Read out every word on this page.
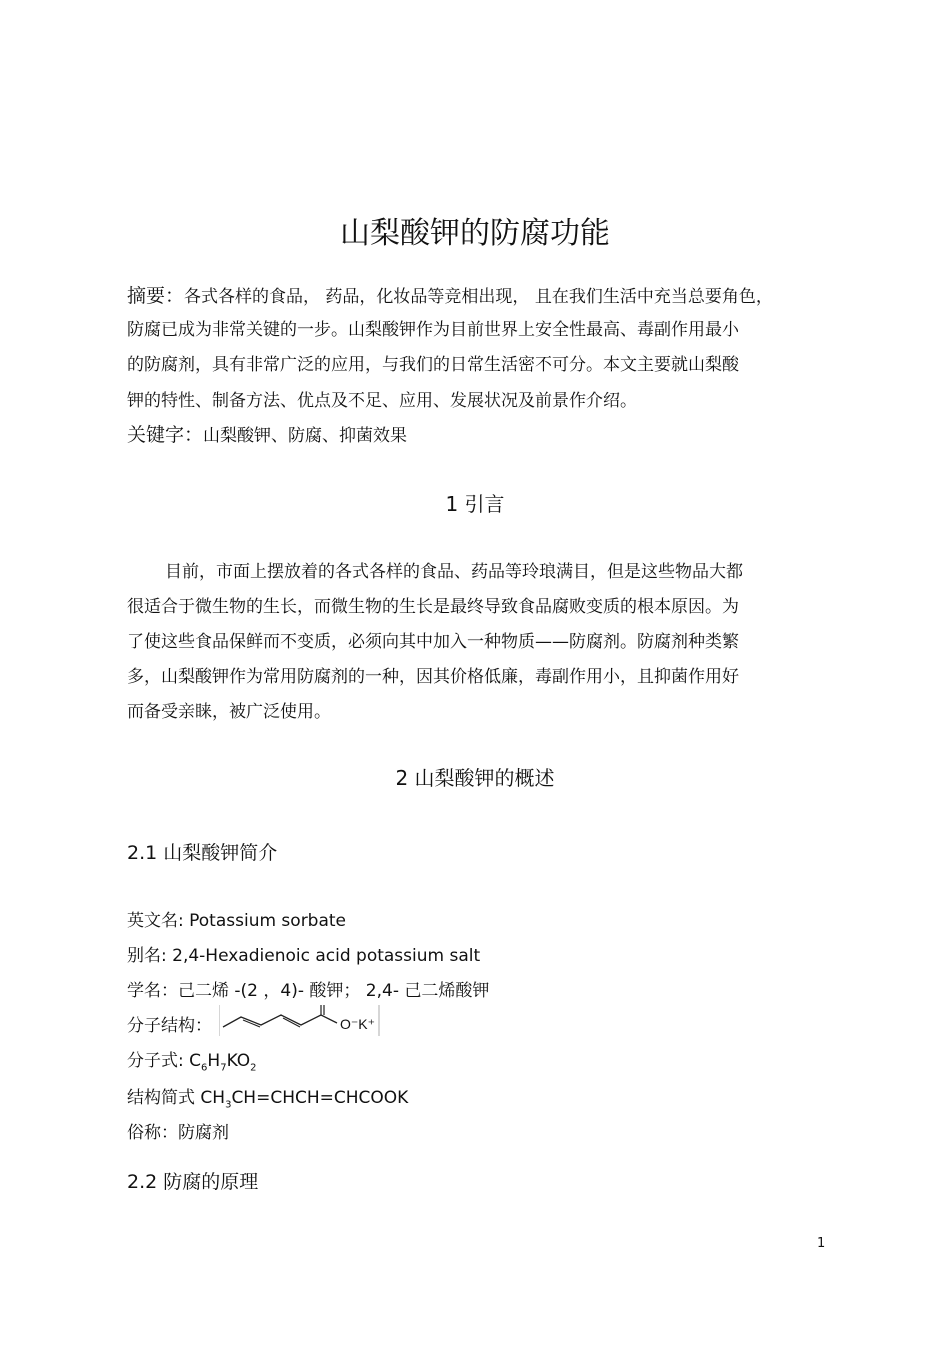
山梨酸钾的防腐功能
摘要：各式各样的食品， 药品，化妆品等竞相出现， 且在我们生活中充当总要角色，
防腐已成为非常关键的一步。山梨酸钾作为目前世界上安全性最高、毒副作用最小
的防腐剂，具有非常广泛的应用，与我们的日常生活密不可分。本文主要就山梨酸
钾的特性、制备方法、优点及不足、应用、发展状况及前景作介绍。
关键字：山梨酸钾、防腐、抑菌效果
1 引言
目前，市面上摆放着的各式各样的食品、药品等玲琅满目，但是这些物品大都
很适合于微生物的生长，而微生物的生长是最终导致食品腐败变质的根本原因。为
了使这些食品保鲜而不变质，必须向其中加入一种物质——防腐剂。防腐剂种类繁
多，山梨酸钾作为常用防腐剂的一种，因其价格低廉，毒副作用小，且抑菌作用好
而备受亲睐，被广泛使用。
2 山梨酸钾的概述
2.1 山梨酸钾简介
英文名: Potassium sorbate
别名: 2,4-Hexadienoic acid potassium salt
学名：己二烯 -(2 ，4)- 酸钾； 2,4- 己二烯酸钾
分子结构：	O⁻K⁺
分子式: $C_6H_7KO_2$
结构简式 $CH_3CH=CHCH=CHCOOK$
俗称：防腐剂
2.2 防腐的原理
1
